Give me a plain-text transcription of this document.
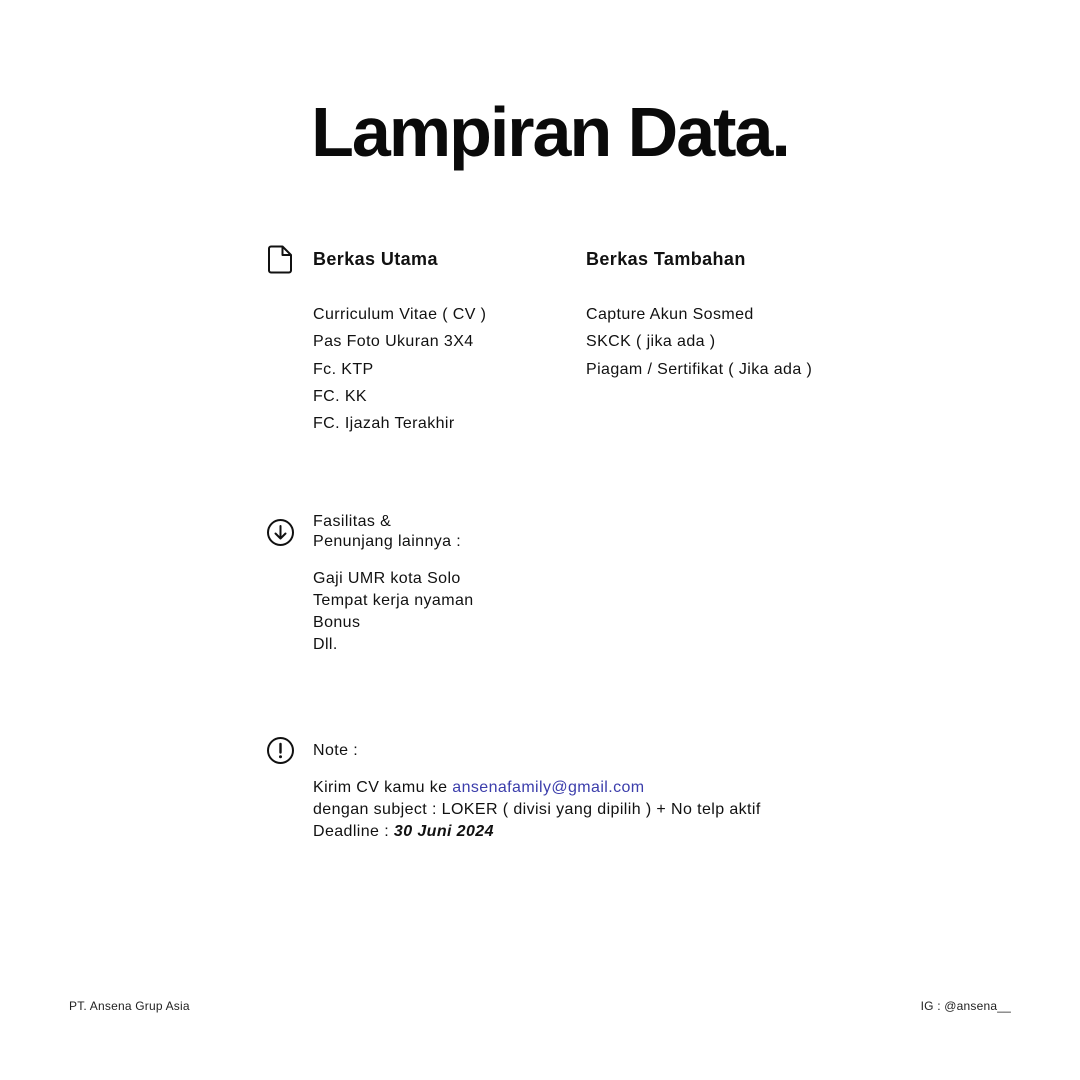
Lampiran Data.
Berkas Utama
Curriculum Vitae ( CV )
Pas Foto Ukuran 3X4
Fc. KTP
FC. KK
FC. Ijazah Terakhir
Berkas Tambahan
Capture Akun Sosmed
SKCK ( jika ada )
Piagam / Sertifikat ( Jika ada )

Fasilitas &
Penunjang lainnya :

Gaji UMR kota Solo
Tempat kerja nyaman
Bonus
Dll.

Note :

Kirim CV kamu ke ansenafamily@gmail.com
dengan subject : LOKER ( divisi yang dipilih ) + No telp aktif
Deadline : 30 Juni 2024
PT. Ansena Grup Asia	IG : @ansena__
